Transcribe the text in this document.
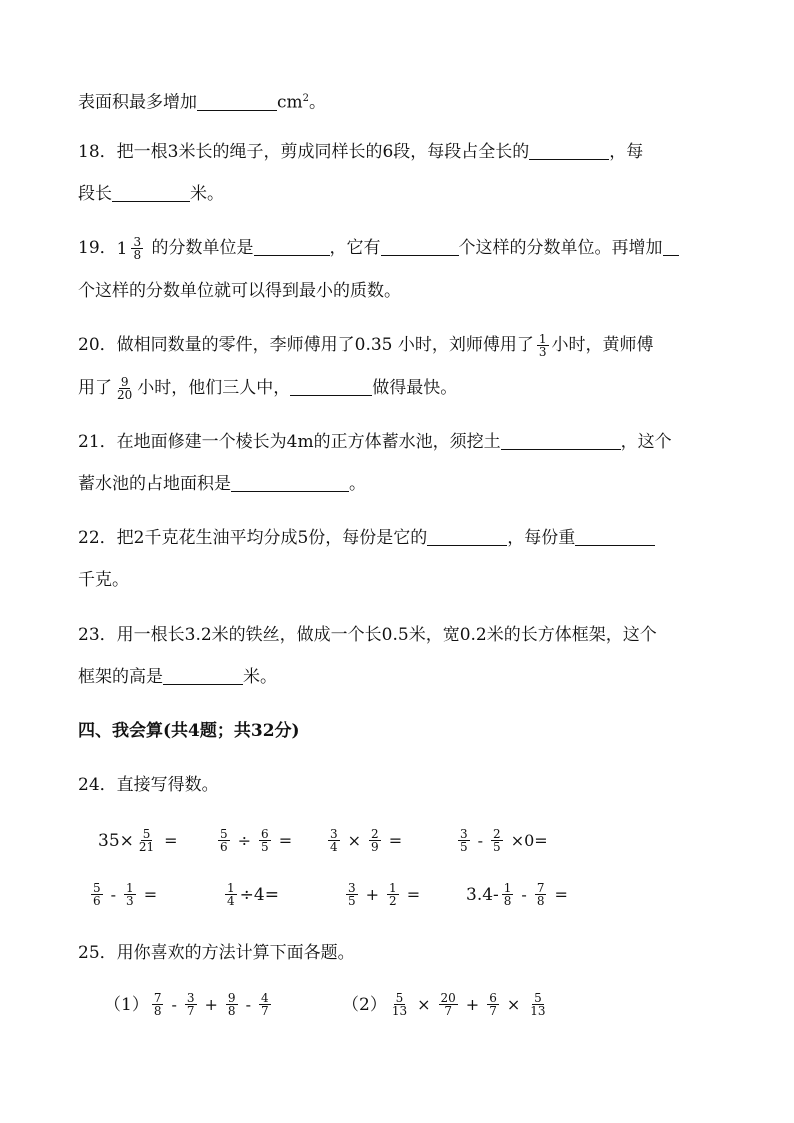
表面积最多增加	$cm^2$。
18．把一根3米长的绳子，剪成同样长的6段，每段占全长的	，每
段长	米。
19． $1 \frac{3}{8}$ 的分数单位是	，它有	个这样的分数单位。再增加
个这样的分数单位就可以得到最小的质数。
20．做相同数量的零件，李师傅用了0.35 小时，刘师傅用了 $\frac{1}{3}$ 小时，黄师傅
用了 $\frac{9}{20}$ 小时，他们三人中，	做得最快。
21．在地面修建一个棱长为4m的正方体蓄水池，须挖土	，这个
蓄水池的占地面积是	。
22．把2千克花生油平均分成5份，每份是它的	，每份重
千克。
23．用一根长3.2米的铁丝，做成一个长0.5米，宽0.2米的长方体框架，这个
框架的高是	米。
四、我会算(共4题；共32分)
24．直接写得数。
$35\times \frac{5}{21}$ =	$\frac{5}{6} \div \frac{6}{5}$ =	$\frac{3}{4} \times \frac{2}{9}$ =	$\frac{3}{5} - \frac{2}{5} \times 0=$
$\frac{5}{6} - \frac{1}{3}$ =	$\frac{1}{4} \div 4=$	$\frac{3}{5} + \frac{1}{2}$ =	$3.4- \frac{1}{8} - \frac{7}{8}$ =
25．用你喜欢的方法计算下面各题。
$(1) \frac{7}{8} - \frac{3}{7} + \frac{9}{8} - \frac{4}{7}$	$(2) \frac{5}{13} \times \frac{20}{7} + \frac{6}{7} \times \frac{5}{13}$
